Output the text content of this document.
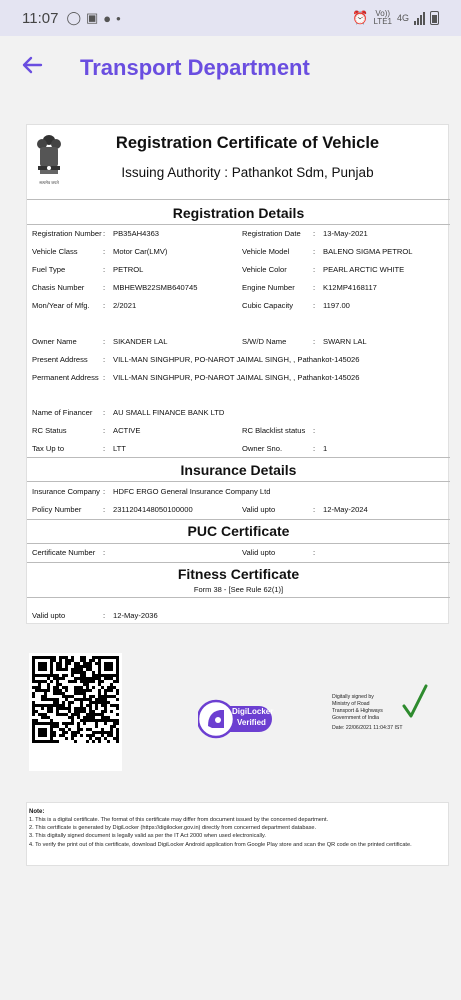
11:07 ◯ ▣ ● •	⏰ Vo))
LTE1 4G
Transport Department
सत्यमेव जयते
Registration Certificate of Vehicle
Issuing Authority : Pathankot Sdm, Punjab
Registration Details
Registration Number : PB35AH4363	Registration Date : 13-May-2021
Vehicle Class	: Motor Car(LMV)	Vehicle Model	: BALENO SIGMA PETROL
Fuel Type	: PETROL	Vehicle Color	: PEARL ARCTIC WHITE
Chasis Number : MBHEWB22SMB640745	Engine Number : K12MP4168117
Mon/Year of Mfg. : 2/2021	Cubic Capacity	: 1197.00
Owner Name	: SIKANDER LAL	S/W/D Name	: SWARN LAL
Present Address : VILL-MAN SINGHPUR, PO-NAROT JAIMAL SINGH, , Pathankot-145026
Permanent Address : VILL-MAN SINGHPUR, PO-NAROT JAIMAL SINGH, , Pathankot-145026
Name of Financer : AU SMALL FINANCE BANK LTD
RC Status	: ACTIVE	RC Blacklist status :
Tax Up to	: LTT	Owner Sno.	: 1
Insurance Details
Insurance Company : HDFC ERGO General Insurance Company Ltd
Policy Number	: 2311204148050100000	Valid upto	: 12-May-2024
PUC Certificate
Certificate Number :	Valid upto	:
Fitness Certificate
Form 38 - [See Rule 62(1)]
Valid upto	: 12-May-2036
DigiLocker
Verified
Digitally signed by
Ministry of Road
Transport & Highways
Government of India
Date: 22/06/2021 11:04:37 IST
Note:
1. This is a digital certificate. The format of this certificate may differ from document issued by the concerned department.
2. This certificate is generated by DigiLocker (https://digilocker.gov.in) directly from concerned department database.
3. This digitally signed document is legally valid as per the IT Act 2000 when used electronically.
4. To verify the print out of this certificate, download DigiLocker Android application from Google Play store and scan the QR code on the printed certificate.
